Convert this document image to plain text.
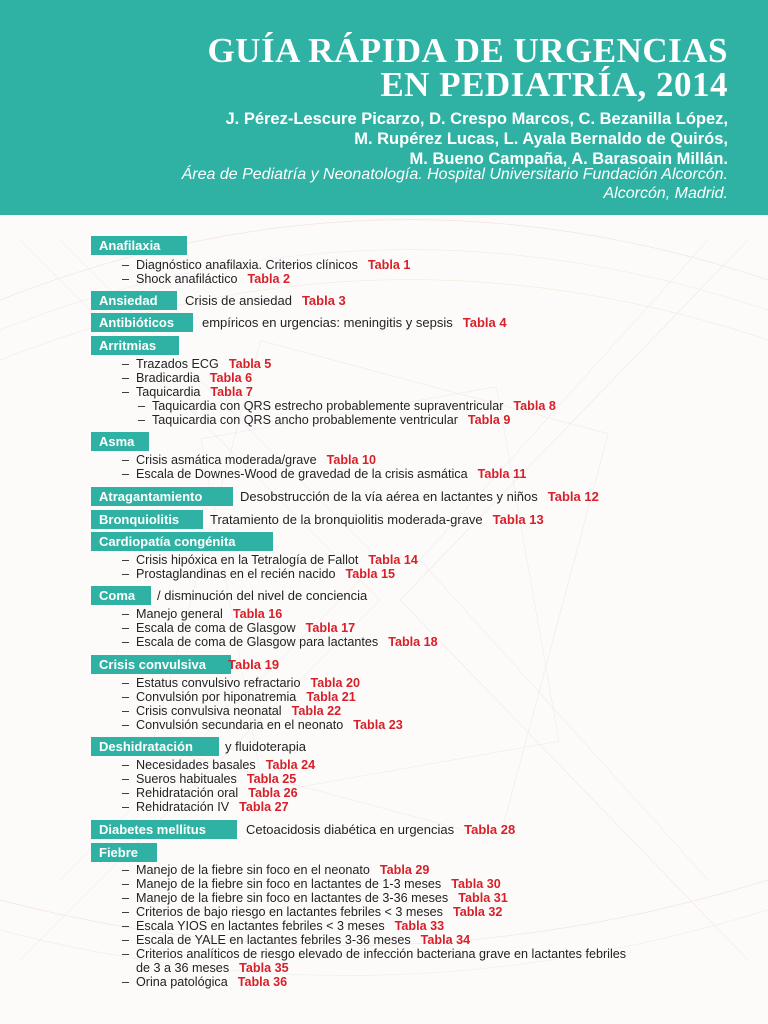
GUÍA RÁPIDA DE URGENCIAS
EN PEDIATRÍA, 2014
J. Pérez-Lescure Picarzo, D. Crespo Marcos, C. Bezanilla López,
M. Rupérez Lucas, L. Ayala Bernaldo de Quirós,
M. Bueno Campaña, A. Barasoain Millán.
Área de Pediatría y Neonatología. Hospital Universitario Fundación Alcorcón.
Alcorcón, Madrid.
Anafilaxia
– Diagnóstico anafilaxia. Criterios clínicos Tabla 1
– Shock anafiláctico Tabla 2
Ansiedad	Crisis de ansiedad Tabla 3
Antibióticos	empíricos en urgencias: meningitis y sepsis Tabla 4
Arritmias
– Trazados ECG Tabla 5
– Bradicardia Tabla 6
– Taquicardia Tabla 7
– Taquicardia con QRS estrecho probablemente supraventricular Tabla 8
– Taquicardia con QRS ancho probablemente ventricular Tabla 9
Asma
– Crisis asmática moderada/grave Tabla 10
– Escala de Downes-Wood de gravedad de la crisis asmática Tabla 11
Atragantamiento	Desobstrucción de la vía aérea en lactantes y niños Tabla 12
Bronquiolitis	Tratamiento de la bronquiolitis moderada-grave Tabla 13
Cardiopatía congénita
– Crisis hipóxica en la Tetralogía de Fallot Tabla 14
– Prostaglandinas en el recién nacido Tabla 15
Coma	/ disminución del nivel de conciencia
– Manejo general Tabla 16
– Escala de coma de Glasgow Tabla 17
– Escala de coma de Glasgow para lactantes Tabla 18
Crisis convulsiva	Tabla 19
– Estatus convulsivo refractario Tabla 20
– Convulsión por hiponatremia Tabla 21
– Crisis convulsiva neonatal Tabla 22
– Convulsión secundaria en el neonato Tabla 23
Deshidratación	y fluidoterapia
– Necesidades basales Tabla 24
– Sueros habituales Tabla 25
– Rehidratación oral Tabla 26
– Rehidratación IV Tabla 27
Diabetes mellitus	Cetoacidosis diabética en urgencias Tabla 28
Fiebre
– Manejo de la fiebre sin foco en el neonato Tabla 29
– Manejo de la fiebre sin foco en lactantes de 1-3 meses Tabla 30
– Manejo de la fiebre sin foco en lactantes de 3-36 meses Tabla 31
– Criterios de bajo riesgo en lactantes febriles < 3 meses Tabla 32
– Escala YIOS en lactantes febriles < 3 meses Tabla 33
– Escala de YALE en lactantes febriles 3-36 meses Tabla 34
– Criterios analíticos de riesgo elevado de infección bacteriana grave en lactantes febriles
de 3 a 36 meses Tabla 35
– Orina patológica Tabla 36
